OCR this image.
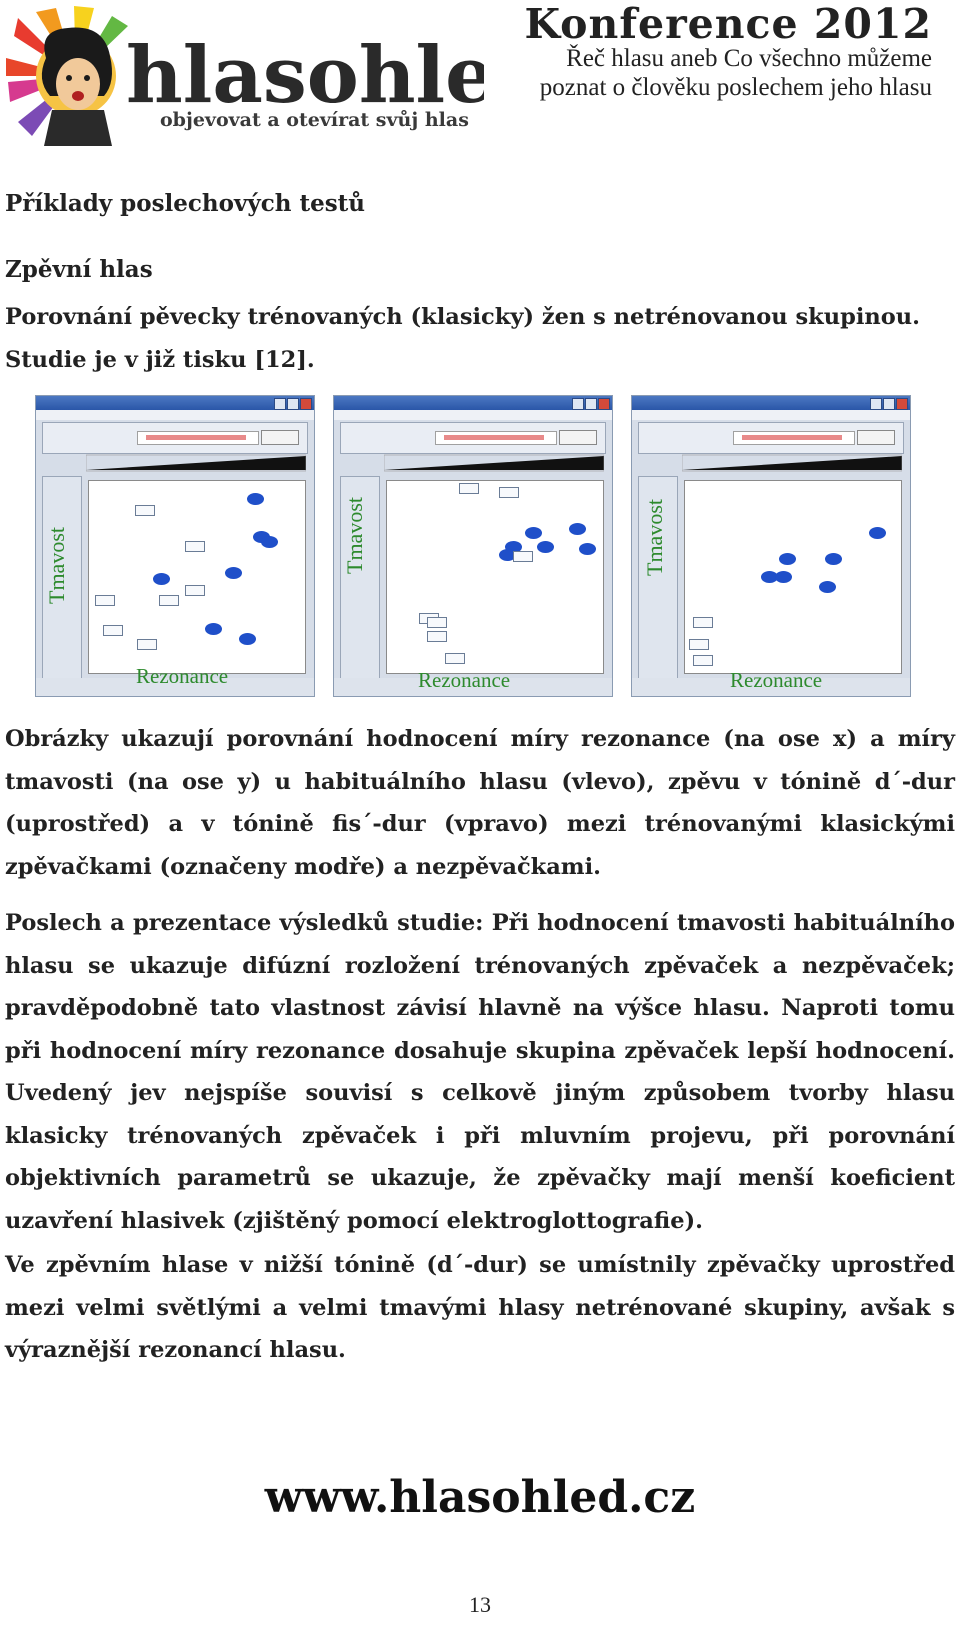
hlasohle
objevovat a otevírat svůj hlas
Konference 2012
Řeč hlasu aneb Co všechno můžeme poznat o člověku poslechem jeho hlasu
Příklady poslechových testů
Zpěvní hlas

Porovnání pěvecky trénovaných (klasicky) žen s netrénovanou skupinou. Studie je v již tisku [12].

Tmavost
Rezonance
Tmavost
Rezonance
Tmavost
Rezonance

Obrázky ukazují porovnání hodnocení míry rezonance (na ose x) a míry tmavosti (na ose y) u habituálního hlasu (vlevo), zpěvu v tónině d´-dur (uprostřed) a v tónině fis´-dur (vpravo) mezi trénovanými klasickými zpěvačkami (označeny modře) a nezpěvačkami.

Poslech a prezentace výsledků studie: Při hodnocení tmavosti habituálního hlasu se ukazuje difúzní rozložení trénovaných zpěvaček a nezpěvaček; pravděpodobně tato vlastnost závisí hlavně na výšce hlasu. Naproti tomu při hodnocení míry rezonance dosahuje skupina zpěvaček lepší hodnocení. Uvedený jev nejspíše souvisí s celkově jiným způsobem tvorby hlasu klasicky trénovaných zpěvaček i při mluvním projevu, při porovnání objektivních parametrů se ukazuje, že zpěvačky mají menší koeficient uzavření hlasivek (zjištěný pomocí elektroglottografie).

Ve zpěvním hlase v nižší tónině (d´-dur) se umístnily zpěvačky uprostřed mezi velmi světlými a velmi tmavými hlasy netrénované skupiny, avšak s výraznější rezonancí hlasu.

www.hlasohled.cz
13
